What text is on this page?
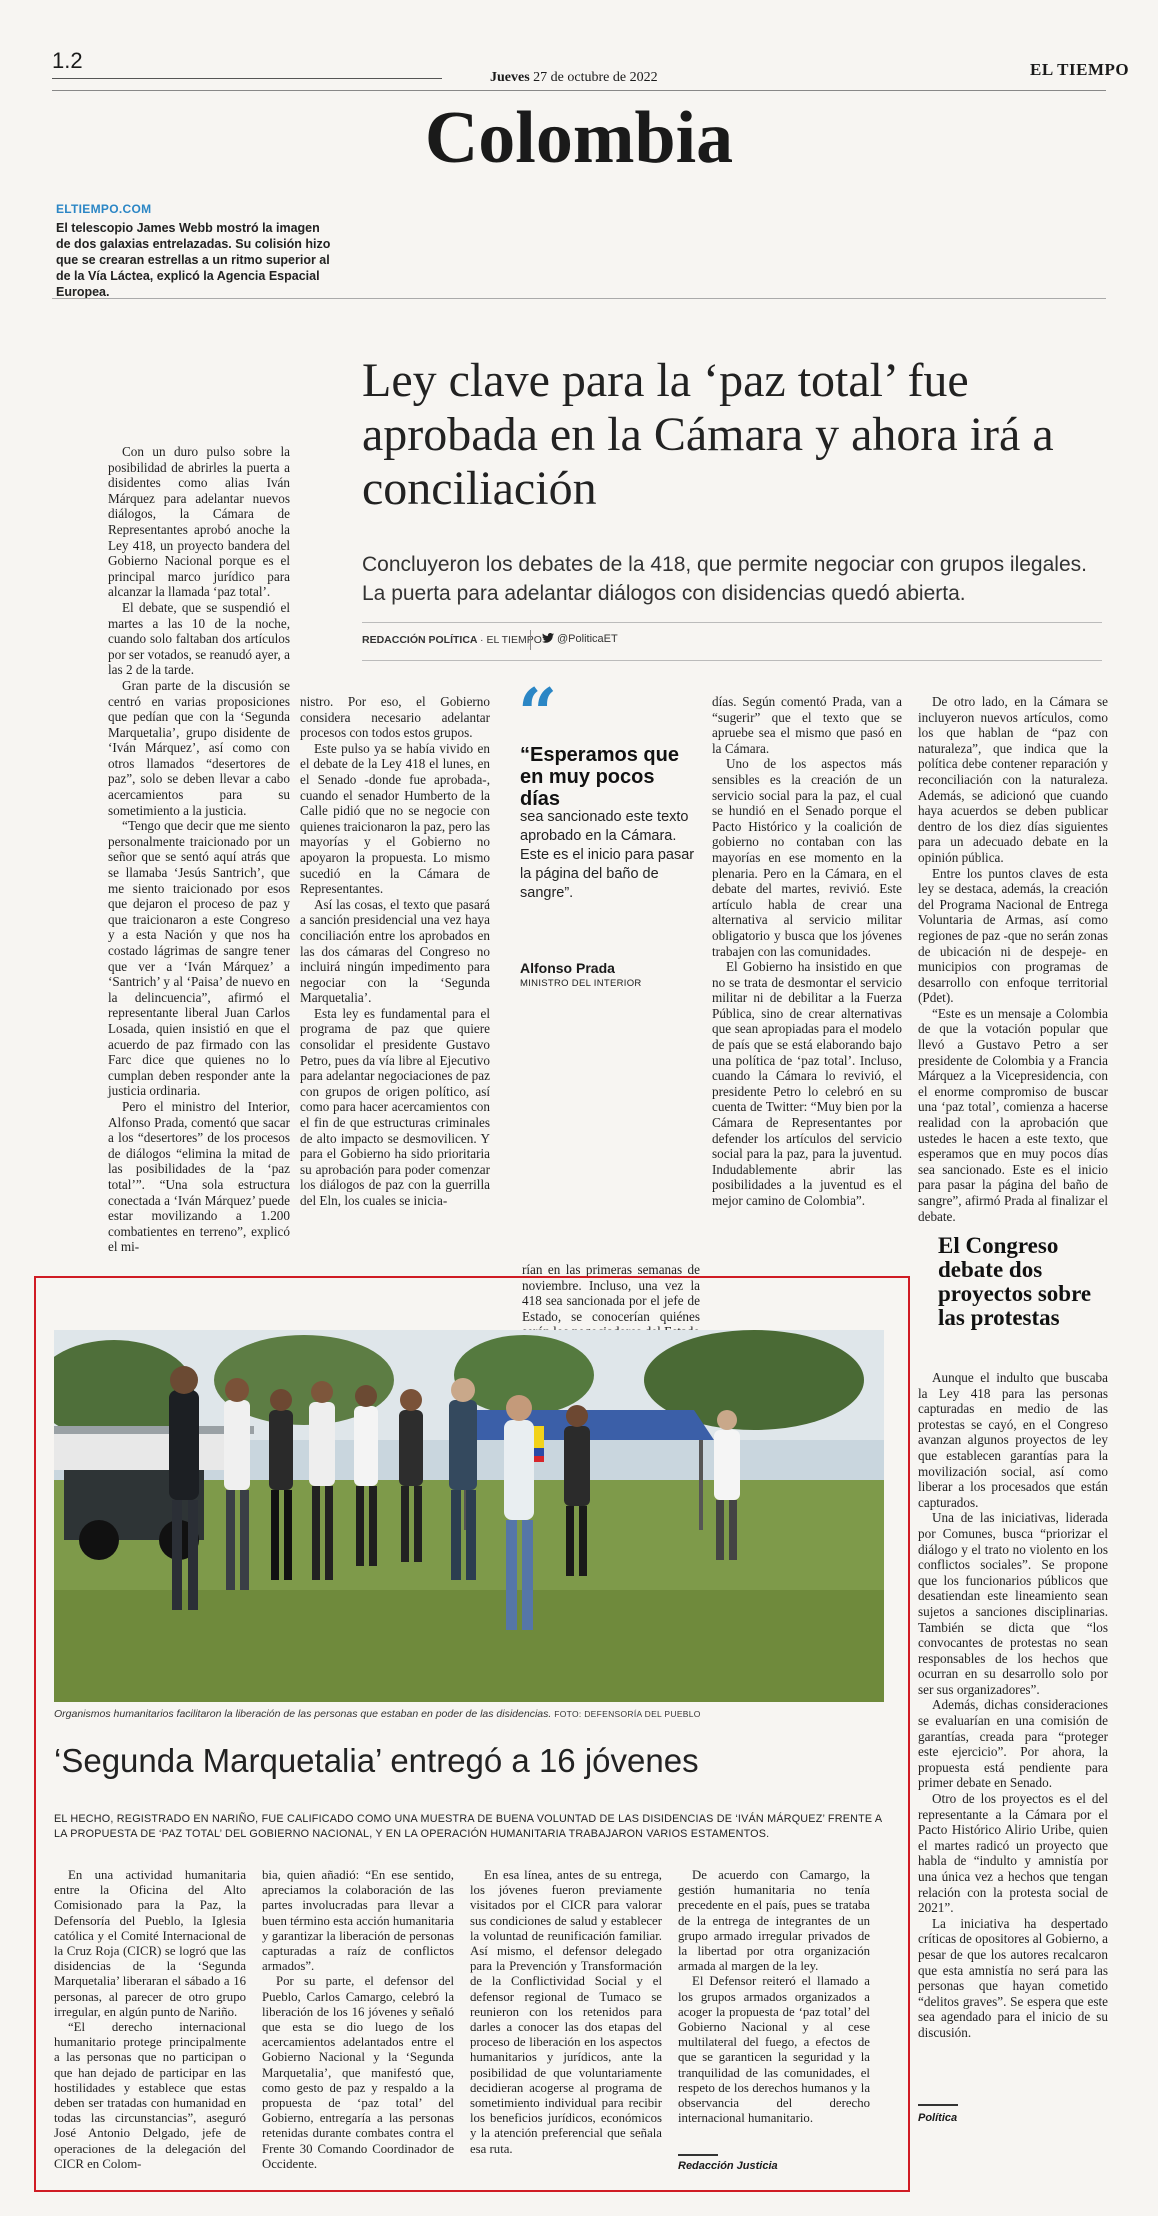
1.2
Jueves 27 de octubre de 2022	EL TIEMPO
Colombia
ELTIEMPO.COM
El telescopio James Webb mostró la imagen de dos galaxias entrelazadas. Su colisión hizo que se crearan estrellas a un ritmo superior al de la Vía Láctea, explicó la Agencia Espacial Europea.
Ley clave para la ‘paz total’ fue aprobada en la Cámara y ahora irá a conciliación
Concluyeron los debates de la 418, que permite negociar con grupos ilegales. La puerta para adelantar diálogos con disidencias quedó abierta.
REDACCIÓN POLÍTICA · EL TIEMPO	@PoliticaET

Con un duro pulso sobre la posibilidad de abrirles la puerta a disidentes como alias Iván Márquez para adelantar nuevos diálogos, la Cámara de Representantes aprobó anoche la Ley 418, un proyecto bandera del Gobierno Nacional porque es el principal marco jurídico para alcanzar la llamada ‘paz total’.

El debate, que se suspendió el martes a las 10 de la noche, cuando solo faltaban dos artículos por ser votados, se reanudó ayer, a las 2 de la tarde.

Gran parte de la discusión se centró en varias proposiciones que pedían que con la ‘Segunda Marquetalia’, grupo disidente de ‘Iván Márquez’, así como con otros llamados “desertores de paz”, solo se deben llevar a cabo acercamientos para su sometimiento a la justicia.

“Tengo que decir que me siento personalmente traicionado por un señor que se sentó aquí atrás que se llamaba ‘Jesús Santrich’, que me siento traicionado por esos que dejaron el proceso de paz y que traicionaron a este Congreso y a esta Nación y que nos ha costado lágrimas de sangre tener que ver a ‘Iván Márquez’ a ‘Santrich’ y al ‘Paisa’ de nuevo en la delincuencia”, afirmó el representante liberal Juan Carlos Losada, quien insistió en que el acuerdo de paz firmado con las Farc dice que quienes no lo cumplan deben responder ante la justicia ordinaria.

Pero el ministro del Interior, Alfonso Prada, comentó que sacar a los “desertores” de los procesos de diálogos “elimina la mitad de las posibilidades de la ‘paz total’”. “Una sola estructura conectada a ‘Iván Márquez’ puede estar movilizando a 1.200 combatientes en terreno”, explicó el mi-

nistro. Por eso, el Gobierno considera necesario adelantar procesos con todos estos grupos.

Este pulso ya se había vivido en el debate de la Ley 418 el lunes, en el Senado -donde fue aprobada-, cuando el senador Humberto de la Calle pidió que no se negocie con quienes traicionaron la paz, pero las mayorías y el Gobierno no apoyaron la propuesta. Lo mismo sucedió en la Cámara de Representantes.

Así las cosas, el texto que pasará a sanción presidencial una vez haya conciliación entre los aprobados en las dos cámaras del Congreso no incluirá ningún impedimento para negociar con la ‘Segunda Marquetalia’.

Esta ley es fundamental para el programa de paz que quiere consolidar el presidente Gustavo Petro, pues da vía libre al Ejecutivo para adelantar negociaciones de paz con grupos de origen político, así como para hacer acercamientos con el fin de que estructuras criminales de alto impacto se desmovilicen. Y para el Gobierno ha sido prioritaria su aprobación para poder comenzar los diálogos de paz con la guerrilla del Eln, los cuales se inicia-

“
“Esperamos que en muy pocos días
sea sancionado este texto aprobado en la Cámara. Este es el inicio para pasar la página del baño de sangre”.
Alfonso Prada
MINISTRO DEL INTERIOR

rían en las primeras semanas de noviembre. Incluso, una vez la 418 sea sancionada por el jefe de Estado, se conocerían quiénes

días. Según comentó Prada, van a “sugerir” que el texto que se apruebe sea el mismo que pasó en la Cámara.

Uno de los aspectos más sensibles es la creación de un servicio social para la paz, el cual se hundió en el Senado porque el Pacto Histórico y la coalición de gobierno no contaban con las mayorías en ese momento en la plenaria. Pero en la Cámara, en el debate del martes, revivió. Este artículo habla de crear una alternativa al servicio militar obligatorio y busca que los jóvenes trabajen con las comunidades.

El Gobierno ha insistido en que no se trata de desmontar el servicio militar ni de debilitar a la Fuerza Pública, sino de crear alternativas que sean apropiadas para el modelo de país que se está elaborando bajo una política de ‘paz total’. Incluso, cuando la Cámara lo revivió, el presidente Petro lo celebró en su cuenta de Twitter: “Muy bien por la Cámara de Representantes por defender los artículos del servicio social para la paz, para la juventud. Indudablemente abrir las posibilidades a la juventud es el mejor camino de Colombia”.

De otro lado, en la Cámara se incluyeron nuevos artículos, como los que hablan de “paz con naturaleza”, que indica que la política debe contener reparación y reconciliación con la naturaleza. Además, se adicionó que cuando haya acuerdos se deben publicar dentro de los diez días siguientes para un adecuado debate en la opinión pública.

Entre los puntos claves de esta ley se destaca, además, la creación del Programa Nacional de Entrega Voluntaria de Armas, así como regiones de paz -que no serán zonas de ubicación ni de despeje- en municipios con programas de desarrollo con enfoque territorial (Pdet).

“Este es un mensaje a Colombia de que la votación popular que llevó a Gustavo Petro a ser presidente de Colombia y a Francia Márquez a la Vicepresidencia, con el enorme compromiso de buscar una ‘paz total’, comienza a hacerse realidad con la aprobación que ustedes le hacen a este texto, que esperamos que en muy pocos días sea sancionado. Este es el inicio para pasar la página del baño de sangre”, afirmó Prada al finalizar el debate.

El Congreso debate dos proyectos sobre las protestas

Aunque el indulto que buscaba la Ley 418 para las personas capturadas en medio de las protestas se cayó, en el Congreso avanzan algunos proyectos de ley que establecen garantías para la movilización social, así como liberar a los procesados que están capturados.

Una de las iniciativas, liderada por Comunes, busca “priorizar el diálogo y el trato no violento en los conflictos sociales”. Se propone que los funcionarios públicos que desatiendan este lineamiento sean sujetos a sanciones disciplinarias. También se dicta que “los convocantes de protestas no sean responsables de los hechos que ocurran en su desarrollo solo por ser sus organizadores”.

Además, dichas consideraciones se evaluarían en una comisión de garantías, creada para “proteger este ejercicio”. Por ahora, la propuesta está pendiente para primer debate en Senado.

Otro de los proyectos es el del representante a la Cámara por el Pacto Histórico Alirio Uribe, quien el martes radicó un proyecto que habla de “indulto y amnistía por una única vez a hechos que tengan relación con la protesta social de 2021”.

La iniciativa ha despertado críticas de opositores al Gobierno, a pesar de que los autores recalcaron que esta amnistía no será para las personas que hayan cometido “delitos graves”. Se espera que este sea agendado para el inicio de su discusión.

Política
Organismos humanitarios facilitaron la liberación de las personas que estaban en poder de las disidencias. FOTO: DEFENSORÍA DEL PUEBLO
‘Segunda Marquetalia’ entregó a 16 jóvenes
EL HECHO, REGISTRADO EN NARIÑO, FUE CALIFICADO COMO UNA MUESTRA DE BUENA VOLUNTAD DE LAS DISIDENCIAS DE ‘IVÁN MÁRQUEZ’ FRENTE A LA PROPUESTA DE ‘PAZ TOTAL’ DEL GOBIERNO NACIONAL, Y EN LA OPERACIÓN HUMANITARIA TRABAJARON VARIOS ESTAMENTOS.

En una actividad humanitaria entre la Oficina del Alto Comisionado para la Paz, la Defensoría del Pueblo, la Iglesia católica y el Comité Internacional de la Cruz Roja (CICR) se logró que las disidencias de la ‘Segunda Marquetalia’ liberaran el sábado a 16 personas, al parecer de otro grupo irregular, en algún punto de Nariño.

“El derecho internacional humanitario protege principalmente a las personas que no participan o que han dejado de participar en las hostilidades y establece que estas deben ser tratadas con humanidad en todas las circunstancias”, aseguró José Antonio Delgado, jefe de operaciones de la delegación del CICR en Colom-

bia, quien añadió: “En ese sentido, apreciamos la colaboración de las partes involucradas para llevar a buen término esta acción humanitaria y garantizar la liberación de personas capturadas a raíz de conflictos armados”.

Por su parte, el defensor del Pueblo, Carlos Camargo, celebró la liberación de los 16 jóvenes y señaló que esta se dio luego de los acercamientos adelantados entre el Gobierno Nacional y la ‘Segunda Marquetalia’, que manifestó que, como gesto de paz y respaldo a la propuesta de ‘paz total’ del Gobierno, entregaría a las personas retenidas durante combates contra el Frente 30 Comando Coordinador de Occidente.

En esa línea, antes de su entrega, los jóvenes fueron previamente visitados por el CICR para valorar sus condiciones de salud y establecer la voluntad de reunificación familiar. Así mismo, el defensor delegado para la Prevención y Transformación de la Conflictividad Social y el defensor regional de Tumaco se reunieron con los retenidos para darles a conocer las dos etapas del proceso de liberación en los aspectos humanitarios y jurídicos, ante la posibilidad de que voluntariamente decidieran acogerse al programa de sometimiento individual para recibir los beneficios jurídicos, económicos y la atención preferencial que señala esa ruta.

De acuerdo con Camargo, la gestión humanitaria no tenía precedente en el país, pues se trataba de la entrega de integrantes de un grupo armado irregular privados de la libertad por otra organización armada al margen de la ley.

El Defensor reiteró el llamado a los grupos armados organizados a acoger la propuesta de ‘paz total’ del Gobierno Nacional y al cese multilateral del fuego, a efectos de que se garanticen la seguridad y la tranquilidad de las comunidades, el respeto de los derechos humanos y la observancia del derecho internacional humanitario.

Redacción Justicia
